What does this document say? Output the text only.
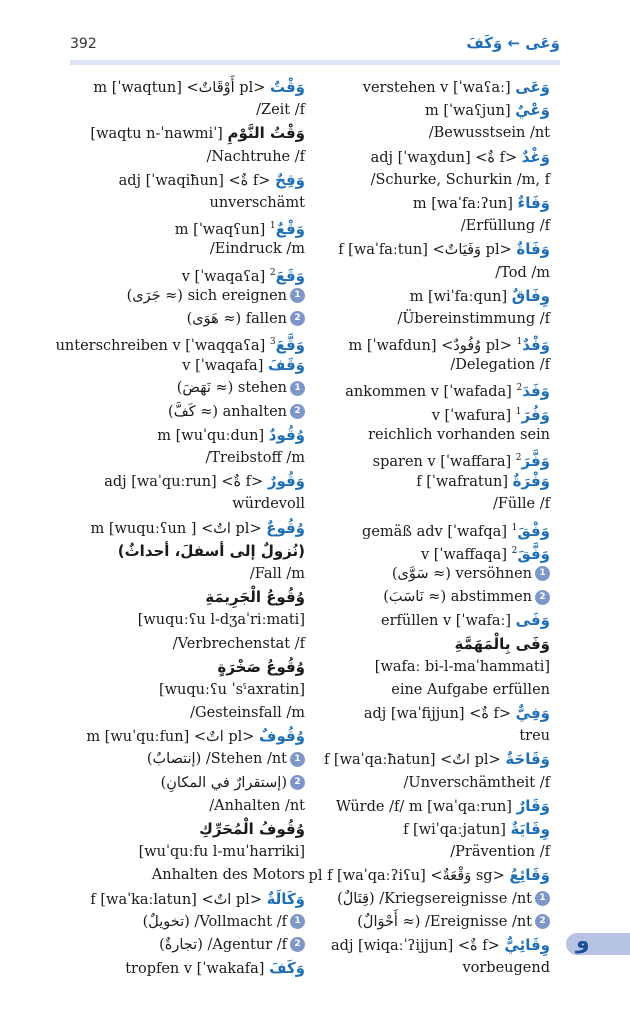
392	وَعَى ← وَكَفَ
وَعَى verstehen v [ˈwaʕaː]
وَعْيٌ m [ˈwaʕjun]
Bewusstsein /nt/
وَغْدٌ <f ةٌ> adj [ˈwaɣdun]
Schurke, Schurkin /m, f/
وَفَاءٌ m [waˈfaːʔun]
Erfüllung /f/
وَفَاةٌ <pl وَفَيَاتٌ> f [waˈfaːtun]
Tod /m/
وِفَاقٌ m [wiˈfaːqun]
Übereinstimmung /f/
وَفْدٌ$^1$ <pl وُفُودٌ> m [ˈwafdun]
Delegation /f/
وَفَدَ$^2$ ankommen v [ˈwafada]
وَفُرَ$^1$ v [ˈwafura]
reichlich vorhanden sein
وَفَّرَ$^2$ sparen v [ˈwaffara]
وَفْرَةٌ f [ˈwafratun]
Fülle /f/
وَفْقَ$^1$ gemäß adv [ˈwafqa]
وَفَّقَ$^2$ v [ˈwaffaqa]
1versöhnen (≈ سَوَّى)
2abstimmen (≈ نَاسَبَ)
وَفَى erfüllen v [ˈwafaː]
وَفَى بِالْمَهَمَّةِ
[wafaː bi-l-maˈhammati]
eine Aufgabe erfüllen
وَفِيٌّ <f ةٌ> adj [waˈfijjun]
treu
وَقَاحَةٌ <pl اتٌ> f [waˈqaːħatun]
Unverschämtheit /f/
وَقَارٌ Würde /f/ m [waˈqaːrun]
وِقَايَةٌ f [wiˈqaːjatun]
Prävention /f/
وَقَائِعُ <sg وَقْعَةٌ> pl f [waˈqaːʔiʕu]
1Kriegsereignisse /nt/ (قِتَالٌ)
2Ereignisse /nt/ (≈ أَحْوَالٌ)
وِقَائِيٌّ <f ةٌ> adj [wiqaːˈʔijjun]
vorbeugend
وَقْتٌ <pl أَوْقَاتٌ> m [ˈwaqtun]
Zeit /f/
وَقْتُ النَّوْمِ [ˈwaqtu n-ˈnawmi]
Nachtruhe /f/
وَقِحٌ <f ةٌ> adj [ˈwaqiħun]
unverschämt
وَقْعٌ$^1$ m [ˈwaqʕun]
Eindruck /m/
وَقَعَ$^2$ v [ˈwaqaʕa]
1sich ereignen (≈ جَرَى)
2fallen (≈ هَوَى)
وَقَّعَ$^3$ unterschreiben v [ˈwaqqaʕa]
وَقَفَ v [ˈwaqafa]
1stehen (≈ نَهَضَ)
2anhalten (≈ كَفَّ)
وُقُودٌ m [wuˈquːdun]
Treibstoff /m/
وَقُورٌ <f ةٌ> adj [waˈquːrun]
würdevoll
وُقُوعٌ <pl اتٌ> m [wuquːʕun ]
(نُزولٌ إلى أسفلَ، أحداثٌ)
Fall /m/
وُقُوعُ الْجَرِيمَةِ
[wuquːʕu l-dʒaˈriːmati]
Verbrechenstat /f/
وُقُوعُ صَخْرَةٍ
[wuquːʕu ˈsˤaxratin]
Gesteinsfall /m/
وُقُوفٌ <pl اتٌ> m [wuˈquːfun]
1Stehen /nt/ (إنتصابٌ)
2(إستقرارٌ في المكانِ)
Anhalten /nt/
وُقُوفُ الْمُحَرِّكِ
[wuˈquːfu l-muˈharriki]
Anhalten des Motors
وَكَالَةٌ <pl اتٌ> f [waˈkaːlatun]
1Vollmacht /f/ (تخويلٌ)
2Agentur /f/ (تجارةٌ)
وَكَفَ tropfen v [ˈwakafa]
و
